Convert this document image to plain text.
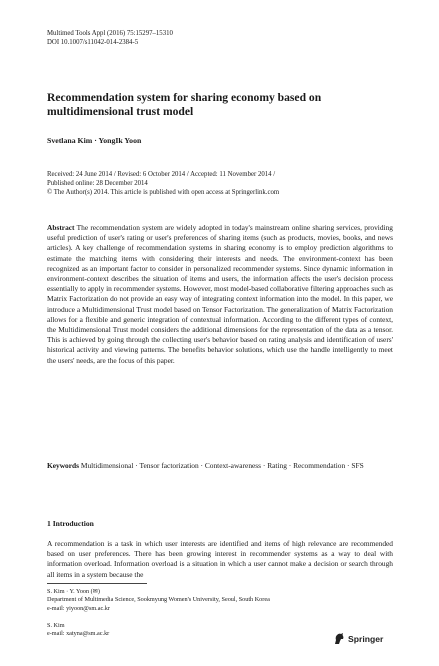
Multimed Tools Appl (2016) 75:15297–15310
DOI 10.1007/s11042-014-2384-5
Recommendation system for sharing economy based on multidimensional trust model
Svetlana Kim · YongIk Yoon
Received: 24 June 2014 / Revised: 6 October 2014 / Accepted: 11 November 2014 /
Published online: 28 December 2014
© The Author(s) 2014. This article is published with open access at Springerlink.com
Abstract The recommendation system are widely adopted in today's mainstream online sharing services, providing useful prediction of user's rating or user's preferences of sharing items (such as products, movies, books, and news articles). A key challenge of recommendation systems in sharing economy is to employ prediction algorithms to estimate the matching items with considering their interests and needs. The environment-context has been recognized as an important factor to consider in personalized recommender systems. Since dynamic information in environment-context describes the situation of items and users, the information affects the user's decision process essentially to apply in recommender systems. However, most model-based collaborative filtering approaches such as Matrix Factorization do not provide an easy way of integrating context information into the model. In this paper, we introduce a Multidimensional Trust model based on Tensor Factorization. The generalization of Matrix Factorization allows for a flexible and generic integration of contextual information. According to the different types of context, the Multidimensional Trust model considers the additional dimensions for the representation of the data as a tensor. This is achieved by going through the collecting user's behavior based on rating analysis and identification of users' historical activity and viewing patterns. The benefits behavior solutions, which use the handle intelligently to meet the users' needs, are the focus of this paper.
Keywords Multidimensional · Tensor factorization · Context-awareness · Rating · Recommendation · SFS
1 Introduction
A recommendation is a task in which user interests are identified and items of high relevance are recommended based on user preferences. There has been growing interest in recommender systems as a way to deal with information overload. Information overload is a situation in which a user cannot make a decision or search through all items in a system because the
S. Kim · Y. Yoon (✉)
Department of Multimedia Science, Sookmyung Women's University, Seoul, South Korea
e-mail: yiyoon@sm.ac.kr
S. Kim
e-mail: xatyna@sm.ac.kr
Springer
